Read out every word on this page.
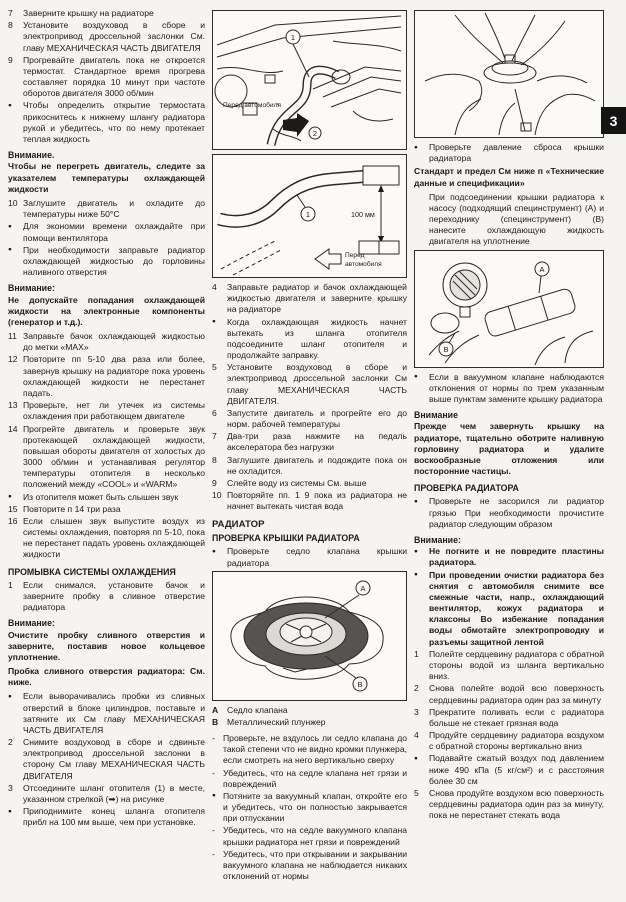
7	Заверните крышку на радиаторе
8	Установите воздуховод в сборе и электропривод дроссельной заслонки См. главу МЕХАНИЧЕСКАЯ ЧАСТЬ ДВИГАТЕЛЯ
9	Прогревайте двигатель пока не откроется термостат. Стандартное время прогрева составляет порядка 10 минут при частоте оборотов двигателя 3000 об/мин
●	Чтобы определить открытие термостата прикоснитесь к нижнему шлангу радиатора рукой и убедитесь, что по нему протекает теплая жидкость
Внимание.
Чтобы не перегреть двигатель, следите за указателем температуры охлаждающей жидкости
10 Заглушите двигатель и охладите до температуры ниже 50°C
●	Для экономии времени охлаждайте при помощи вентилятора
●	При необходимости заправьте радиатор охлаждающей жидкостью до горловины наливного отверстия
Внимание:
Не допускайте попадания охлаждающей жидкости на электронные компоненты (генератор и т.д.).
11 Заправьте бачок охлаждающей жидкостью до метки «MAX»
12 Повторите пп 5-10 два раза или более, завернув крышку на радиаторе пока уровень охлаждающей жидкости не перестанет падать.
13 Проверьте, нет ли утечек из системы охлаждения при работающем двигателе
14 Прогрейте двигатель и проверьте звук протекающей охлаждающей жидкости, повышая обороты двигателя от холостых до 3000 об/мин и устанавливая регулятор температуры отопителя в несколько положений между «COOL» и «WARM»
●	Из отопителя может быть слышен звук
15 Повторите п 14 три раза
16 Если слышен звук выпустите воздух из системы охлаждения, повторяя пп 5-10, пока не перестанет падать уровень охлаждающей жидкости
ПРОМЫВКА СИСТЕМЫ ОХЛАЖДЕНИЯ
1	Если снимался, установите бачок и заверните пробку в сливное отверстие радиатора
Внимание:
Очистите пробку сливного отверстия и заверните, поставив новое кольцевое уплотнение.
Пробка сливного отверстия радиатора: См. ниже.
●	Если выворачивались пробки из сливных отверстий в блоке цилиндров, поставьте и затяните их См главу МЕХАНИЧЕСКАЯ ЧАСТЬ ДВИГАТЕЛЯ
2	Снимите воздуховод в сборе и сдвиньте электропривод дроссельной заслонки в сторону См главу МЕХАНИЧЕСКАЯ ЧАСТЬ ДВИГАТЕЛЯ
3	Отсоедините шланг отопителя (1) в месте, указанном стрелкой (➡) на рисунке
●	Приподнимите конец шланга отопителя прибл на 100 мм выше, чем при установке.
1
2
Перед автомобиля
100 мм
1
Перед
автомобиля
4	Заправьте радиатор и бачок охлаждающей жидкостью двигателя и заверните крышку на радиаторе
●	Когда охлаждающая жидкость начнет вытекать из шланга отопителя подсоедините шланг отопителя и продолжайте заправку.
5	Установите воздуховод в сборе и электропривод дроссельной заслонки См главу МЕХАНИЧЕСКАЯ ЧАСТЬ ДВИГАТЕЛЯ.
6	Запустите двигатель и прогрейте его до норм. рабочей температуры
7	Два-три раза нажмите на педаль акселератора без нагрузки
8	Заглушите двигатель и подождите пока он не охладится.
9	Слейте воду из системы См. выше
10 Повторяйте пп. 1 9 пока из радиатора не начнет вытекать чистая вода
РАДИАТОР
ПРОВЕРКА КРЫШКИ РАДИАТОРА
●	Проверьте седло клапана крышки радиатора
A
B
A	Седло клапана
B	Металлический плунжер
- Проверьте, не вздулось ли седло клапана до такой степени что не видно кромки плунжера, если смотреть на него вертикально сверху
- Убедитесь, что на седле клапана нет грязи и повреждений
● Потяните за вакуумный клапан, откройте его и убедитесь, что он полностью закрывается при отпускании
- Убедитесь, что на седле вакуумного клапана крышки радиатора нет грязи и повреждений
- Убедитесь, что при открывании и закрывании вакуумного клапана не наблюдается никаких отклонений от нормы
●	Проверьте давление сброса крышки радиатора
Стандарт и предел См ниже п «Технические данные и спецификации»
При подсоединении крышки радиатора к насосу (подходящий специнструмент) (A) и переходнику (специнструмент) (B) нанесите охлаждающую жидкость двигателя на уплотнение
A
B
●	Если в вакуумном клапане наблюдаются отклонения от нормы по трем указанным выше пунктам замените крышку радиатора
Внимание
Прежде чем завернуть крышку на радиаторе, тщательно оботрите наливную горловину радиатора и удалите воскообразные отложения или посторонние частицы.
ПРОВЕРКА РАДИАТОРА
●	Проверьте не засорился ли радиатор грязью При необходимости прочистите радиатор следующим образом
Внимание:
●	Не погните и не повредите пластины радиатора.
●	При проведении очистки радиатора без снятия с автомобиля снимите все смежные части, напр., охлаждающий вентилятор, кожух радиатора и клаксоны Во избежание попадания воды обмотайте электропроводку и разъемы защитной лентой
1	Полейте сердцевину радиатора с обратной стороны водой из шланга вертикально вниз.
2	Снова полейте водой всю поверхность сердцевины радиатора один раз за минуту
3	Прекратите поливать если с радиатора больше не стекает грязная вода
4	Продуйте сердцевину радиатора воздухом с обратной стороны вертикально вниз
●	Подавайте сжатый воздух под давлением ниже 490 кПа (5 кг/см²) и с расстояния более 30 см
5	Снова продуйте воздухом всю поверхность сердцевины радиатора один раз за минуту, пока не перестанет стекать вода
3
